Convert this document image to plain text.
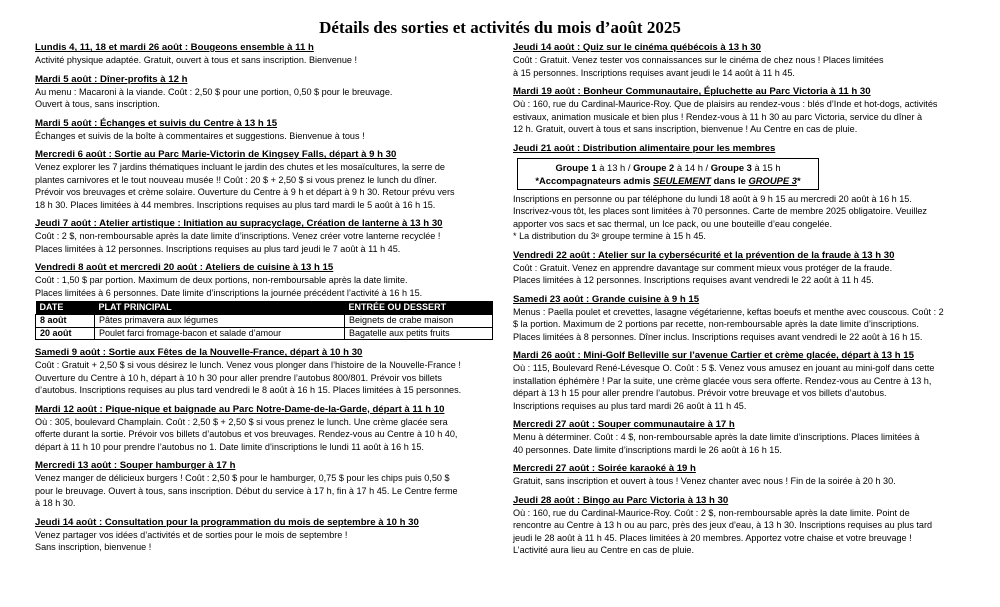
Détails des sorties et activités du mois d’août 2025
Lundis 4, 11, 18 et mardi 26 août : Bougeons ensemble à 11 h
Activité physique adaptée. Gratuit, ouvert à tous et sans inscription. Bienvenue !
Mardi 5 août : Dîner-profits à 12 h
Au menu : Macaroni à la viande. Coût : 2,50 $ pour une portion, 0,50 $ pour le breuvage.
Ouvert à tous, sans inscription.
Mardi 5 août : Échanges et suivis du Centre à 13 h 15
Échanges et suivis de la boîte à commentaires et suggestions. Bienvenue à tous !
Mercredi 6 août : Sortie au Parc Marie-Victorin de Kingsey Falls, départ à 9 h 30
Venez explorer les 7 jardins thématiques incluant le jardin des chutes et les mosaïcultures, la serre de
plantes carnivores et le tout nouveau musée !! Coût : 20 $ + 2,50 $ si vous prenez le lunch du dîner.
Prévoir vos breuvages et crème solaire. Ouverture du Centre à 9 h et départ à 9 h 30. Retour prévu vers
18 h 30. Places limitées à 44 membres. Inscriptions requises au plus tard mardi le 5 août à 16 h 15.
Jeudi 7 août : Atelier artistique : Initiation au supracyclage, Création de lanterne à 13 h 30
Coût : 2 $, non-remboursable après la date limite d’inscriptions. Venez créer votre lanterne recyclée !
Places limitées à 12 personnes. Inscriptions requises au plus tard jeudi le 7 août à 11 h 45.
Vendredi 8 août et mercredi 20 août : Ateliers de cuisine à 13 h 15
Coût : 1,50 $ par portion. Maximum de deux portions, non-remboursable après la date limite.
Places limitées à 6 personnes. Date limite d’inscriptions la journée précédent l’activité à 16 h 15.
DATE	PLAT PRINCIPAL	ENTRÉE OU DESSERT
8 août	Pâtes primavera aux légumes	Beignets de crabe maison
20 août	Poulet farci fromage-bacon et salade d’amour	Bagatelle aux petits fruits
Samedi 9 août : Sortie aux Fêtes de la Nouvelle-France, départ à 10 h 30
Coût : Gratuit + 2,50 $ si vous désirez le lunch. Venez vous plonger dans l’histoire de la Nouvelle-France !
Ouverture du Centre à 10 h, départ à 10 h 30 pour aller prendre l’autobus 800/801. Prévoir vos billets
d’autobus. Inscriptions requises au plus tard vendredi le 8 août à 16 h 15. Places limitées à 15 personnes.
Mardi 12 août : Pique-nique et baignade au Parc Notre-Dame-de-la-Garde, départ à 11 h 10
Où : 305, boulevard Champlain. Coût : 2,50 $ + 2,50 $ si vous prenez le lunch. Une crème glacée sera
offerte durant la sortie. Prévoir vos billets d’autobus et vos breuvages. Rendez-vous au Centre à 10 h 40,
départ à 11 h 10 pour prendre l’autobus no 1. Date limite d’inscriptions le lundi 11 août à 16 h 15.
Mercredi 13 août : Souper hamburger à 17 h
Venez manger de délicieux burgers ! Coût : 2,50 $ pour le hamburger, 0,75 $ pour les chips puis 0,50 $
pour le breuvage. Ouvert à tous, sans inscription. Début du service à 17 h, fin à 17 h 45. Le Centre ferme
à 18 h 30.
Jeudi 14 août : Consultation pour la programmation du mois de septembre à 10 h 30
Venez partager vos idées d’activités et de sorties pour le mois de septembre !
Sans inscription, bienvenue !
Jeudi 14 août : Quiz sur le cinéma québécois à 13 h 30
Coût : Gratuit. Venez tester vos connaissances sur le cinéma de chez nous ! Places limitées
à 15 personnes. Inscriptions requises avant jeudi le 14 août à 11 h 45.
Mardi 19 août : Bonheur Communautaire, Épluchette au Parc Victoria à 11 h 30
Où : 160, rue du Cardinal-Maurice-Roy. Que de plaisirs au rendez-vous : blés d’Inde et hot-dogs, activités
estivaux, animation musicale et bien plus ! Rendez-vous à 11 h 30 au parc Victoria, service du dîner à
12 h. Gratuit, ouvert à tous et sans inscription, bienvenue ! Au Centre en cas de pluie.
Jeudi 21 août : Distribution alimentaire pour les membres
Groupe 1 à 13 h / Groupe 2 à 14 h / Groupe 3 à 15 h
*Accompagnateurs admis SEULEMENT dans le GROUPE 3*
Inscriptions en personne ou par téléphone du lundi 18 août à 9 h 15 au mercredi 20 août à 16 h 15.
Inscrivez-vous tôt, les places sont limitées à 70 personnes. Carte de membre 2025 obligatoire. Veuillez
apporter vos sacs et sac thermal, un Ice pack, ou une bouteille d’eau congelée.
* La distribution du 3ᵉ groupe termine à 15 h 45.
Vendredi 22 août : Atelier sur la cybersécurité et la prévention de la fraude à 13 h 30
Coût : Gratuit. Venez en apprendre davantage sur comment mieux vous protéger de la fraude.
Places limitées à 12 personnes. Inscriptions requises avant vendredi le 22 août à 11 h 45.
Samedi 23 août : Grande cuisine à 9 h 15
Menus : Paella poulet et crevettes, lasagne végétarienne, keftas boeufs et menthe avec couscous. Coût : 2
$ la portion. Maximum de 2 portions par recette, non-remboursable après la date limite d’inscriptions.
Places limitées à 8 personnes. Dîner inclus. Inscriptions requises avant vendredi le 22 août à 16 h 15.
Mardi 26 août : Mini-Golf Belleville sur l’avenue Cartier et crème glacée, départ à 13 h 15
Où : 115, Boulevard René-Lévesque O. Coût : 5 $. Venez vous amusez en jouant au mini-golf dans cette
installation éphémère ! Par la suite, une crème glacée vous sera offerte. Rendez-vous au Centre à 13 h,
départ à 13 h 15 pour aller prendre l’autobus. Prévoir votre breuvage et vos billets d’autobus.
Inscriptions requises au plus tard mardi 26 août à 11 h 45.
Mercredi 27 août : Souper communautaire à 17 h
Menu à déterminer. Coût : 4 $, non-remboursable après la date limite d’inscriptions. Places limitées à
40 personnes. Date limite d’inscriptions mardi le 26 août à 16 h 15.
Mercredi 27 août : Soirée karaoké à 19 h
Gratuit, sans inscription et ouvert à tous ! Venez chanter avec nous ! Fin de la soirée à 20 h 30.
Jeudi 28 août : Bingo au Parc Victoria à 13 h 30
Où : 160, rue du Cardinal-Maurice-Roy. Coût : 2 $, non-remboursable après la date limite. Point de
rencontre au Centre à 13 h ou au parc, près des jeux d’eau, à 13 h 30. Inscriptions requises au plus tard
jeudi le 28 août à 11 h 45. Places limitées à 20 membres. Apportez votre chaise et votre breuvage !
L’activité aura lieu au Centre en cas de pluie.
